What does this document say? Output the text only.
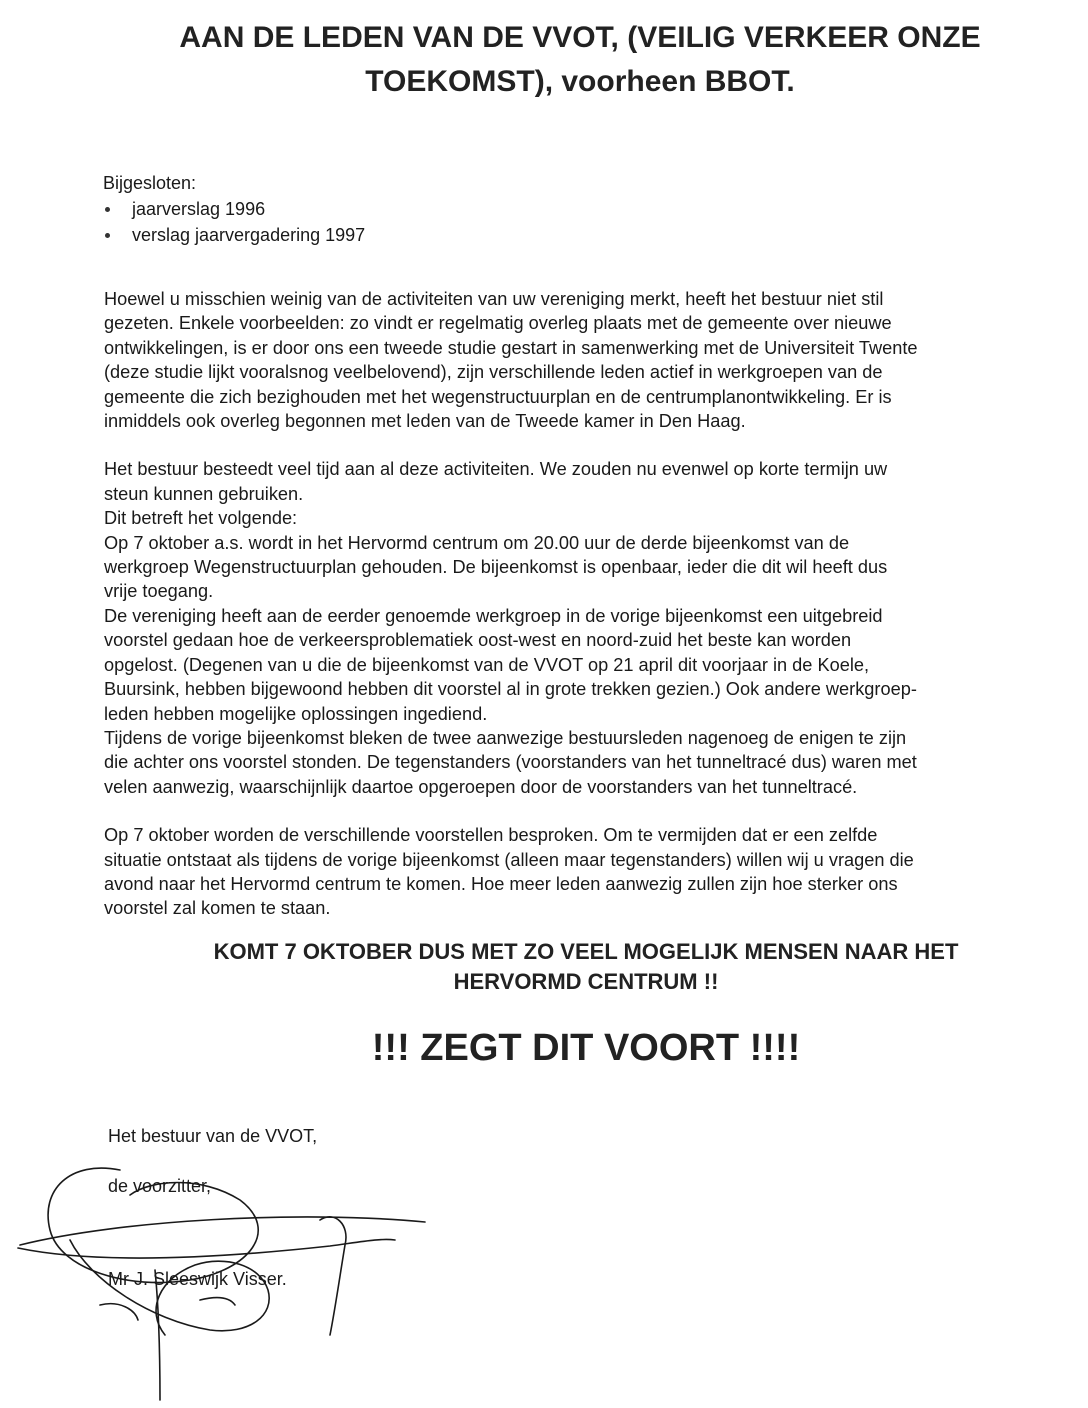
AAN DE LEDEN VAN DE VVOT, (VEILIG VERKEER ONZE
TOEKOMST), voorheen BBOT.
Bijgesloten:
jaarverslag 1996
verslag jaarvergadering 1997

Hoewel u misschien weinig van de activiteiten van uw vereniging merkt, heeft het bestuur niet stil

gezeten. Enkele voorbeelden: zo vindt er regelmatig overleg plaats met de gemeente over nieuwe

ontwikkelingen, is er door ons een tweede studie gestart in samenwerking met de Universiteit Twente

(deze studie lijkt vooralsnog veelbelovend), zijn verschillende leden actief in werkgroepen van de

gemeente die zich bezighouden met het wegenstructuurplan en de centrumplanontwikkeling. Er is

inmiddels ook overleg begonnen met leden van de Tweede kamer in Den Haag.

Het bestuur besteedt veel tijd aan al deze activiteiten. We zouden nu evenwel op korte termijn uw

steun kunnen gebruiken.

Dit betreft het volgende:

Op 7 oktober a.s. wordt in het Hervormd centrum om 20.00 uur de derde bijeenkomst van de

werkgroep Wegenstructuurplan gehouden. De bijeenkomst is openbaar, ieder die dit wil heeft dus

vrije toegang.

De vereniging heeft aan de eerder genoemde werkgroep in de vorige bijeenkomst een uitgebreid

voorstel gedaan hoe de verkeersproblematiek oost-west en noord-zuid het beste kan worden

opgelost. (Degenen van u die de bijeenkomst van de VVOT op 21 april dit voorjaar in de Koele,

Buursink, hebben bijgewoond hebben dit voorstel al in grote trekken gezien.) Ook andere werkgroep-

leden hebben mogelijke oplossingen ingediend.

Tijdens de vorige bijeenkomst bleken de twee aanwezige bestuursleden nagenoeg de enigen te zijn

die achter ons voorstel stonden. De tegenstanders (voorstanders van het tunneltracé dus) waren met

velen aanwezig, waarschijnlijk daartoe opgeroepen door de voorstanders van het tunneltracé.

Op 7 oktober worden de verschillende voorstellen besproken. Om te vermijden dat er een zelfde

situatie ontstaat als tijdens de vorige bijeenkomst (alleen maar tegenstanders) willen wij u vragen die

avond naar het Hervormd centrum te komen. Hoe meer leden aanwezig zullen zijn hoe sterker ons

voorstel zal komen te staan.

KOMT 7 OKTOBER DUS MET ZO VEEL MOGELIJK MENSEN NAAR HET
HERVORMD CENTRUM !!
!!! ZEGT DIT VOORT !!!!
Het bestuur van de VVOT,
de voorzitter,
Mr J. Sleeswijk Visser.
